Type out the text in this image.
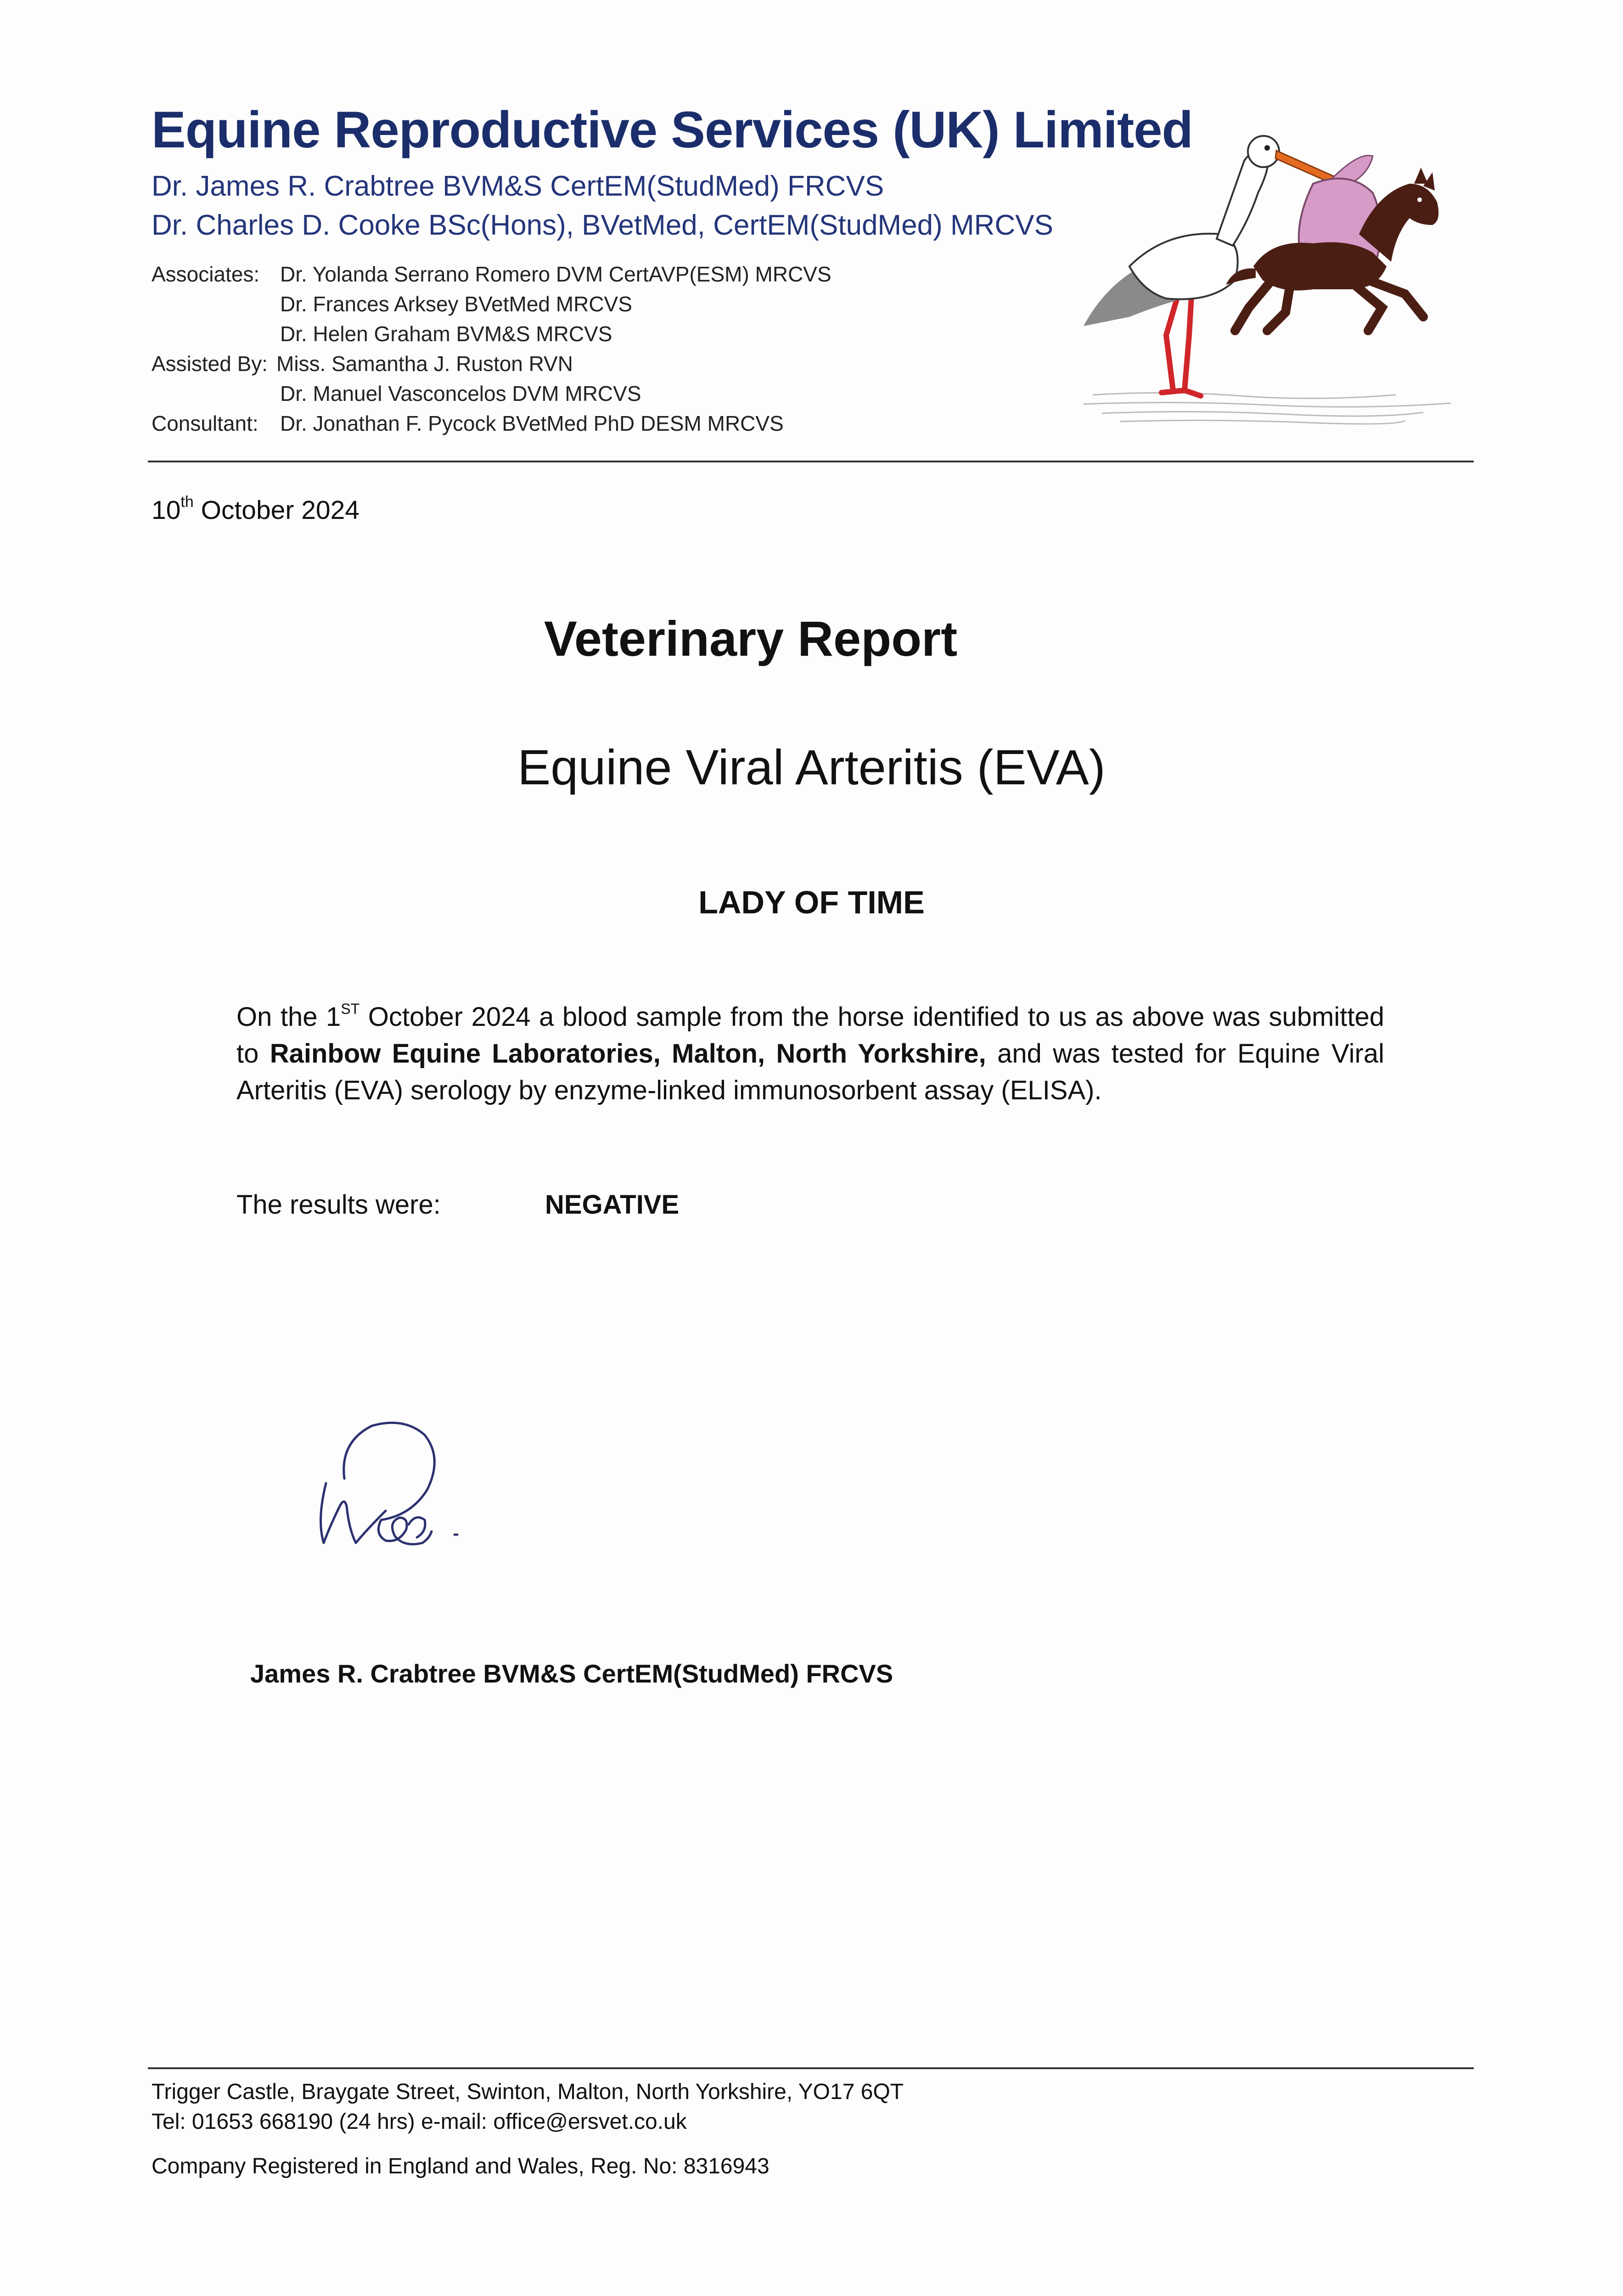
Equine Reproductive Services (UK) Limited
Dr. James R. Crabtree BVM&S CertEM(StudMed) FRCVS
Dr. Charles D. Cooke BSc(Hons), BVetMed, CertEM(StudMed) MRCVS
Associates: Dr. Yolanda Serrano Romero DVM CertAVP(ESM) MRCVS
Dr. Frances Arksey BVetMed MRCVS
Dr. Helen Graham BVM&S MRCVS
Assisted By: Miss. Samantha J. Ruston RVN
Dr. Manuel Vasconcelos DVM MRCVS
Consultant: Dr. Jonathan F. Pycock BVetMed PhD DESM MRCVS
10th October 2024
Veterinary Report
Equine Viral Arteritis (EVA)
LADY OF TIME
On the 1ST October 2024 a blood sample from the horse identified to us as above was submitted to Rainbow Equine Laboratories, Malton, North Yorkshire, and was tested for Equine Viral Arteritis (EVA) serology by enzyme-linked immunosorbent assay (ELISA).
The results were:	NEGATIVE
James R. Crabtree BVM&S CertEM(StudMed) FRCVS
Trigger Castle, Braygate Street, Swinton, Malton, North Yorkshire, YO17 6QT
Tel: 01653 668190 (24 hrs) e-mail: office@ersvet.co.uk
Company Registered in England and Wales, Reg. No: 8316943
